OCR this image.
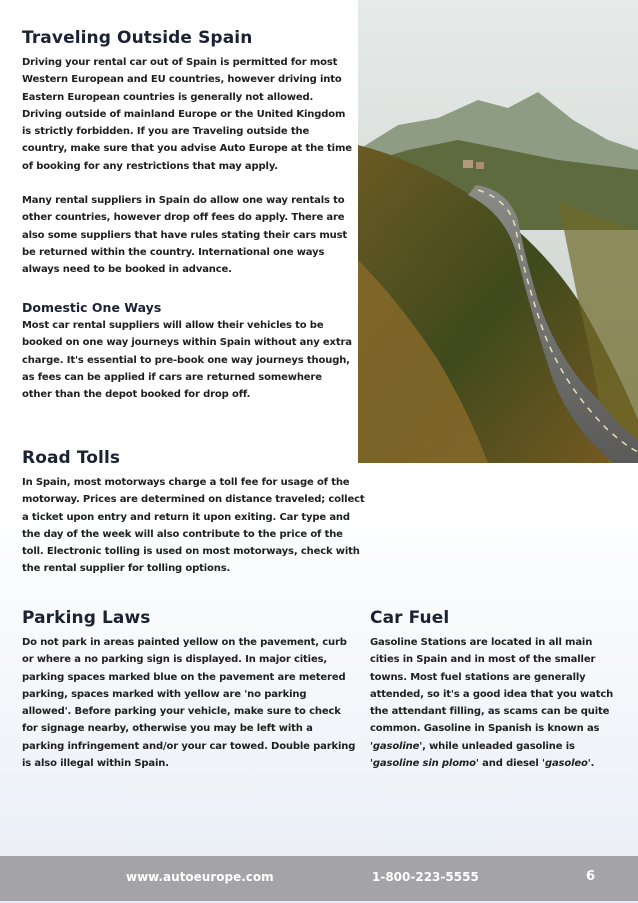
Traveling Outside Spain

Driving your rental car out of Spain is permitted for most Western European and EU countries, however driving into Eastern European countries is generally not allowed. Driving outside of mainland Europe or the United Kingdom is strictly forbidden. If you are Traveling outside the country, make sure that you advise Auto Europe at the time of booking for any restrictions that may apply.

Many rental suppliers in Spain do allow one way rentals to other countries, however drop off fees do apply. There are also some suppliers that have rules stating their cars must be returned within the country. International one ways always need to be booked in advance.

Domestic One Ways

Most car rental suppliers will allow their vehicles to be booked on one way journeys within Spain without any extra charge. It's essential to pre-book one way journeys though, as fees can be applied if cars are returned somewhere other than the depot booked for drop off.

Road Tolls

In Spain, most motorways charge a toll fee for usage of the motorway. Prices are determined on distance traveled; collect a ticket upon entry and return it upon exiting. Car type and the day of the week will also contribute to the price of the toll. Electronic tolling is used on most motorways, check with the rental supplier for tolling options.

Parking Laws

Do not park in areas painted yellow on the pavement, curb or where a no parking sign is displayed. In major cities, parking spaces marked blue on the pavement are metered parking, spaces marked with yellow are 'no parking allowed'. Before parking your vehicle, make sure to check for signage nearby, otherwise you may be left with a parking infringement and/or your car towed. Double parking is also illegal within Spain.

Car Fuel

Gasoline Stations are located in all main cities in Spain and in most of the smaller towns. Most fuel stations are generally attended, so it's a good idea that you watch the attendant filling, as scams can be quite common. Gasoline in Spanish is known as 'gasoline', while unleaded gasoline is 'gasoline sin plomo' and diesel 'gasoleo'.

www.autoeurope.com	1-800-223-5555	6
